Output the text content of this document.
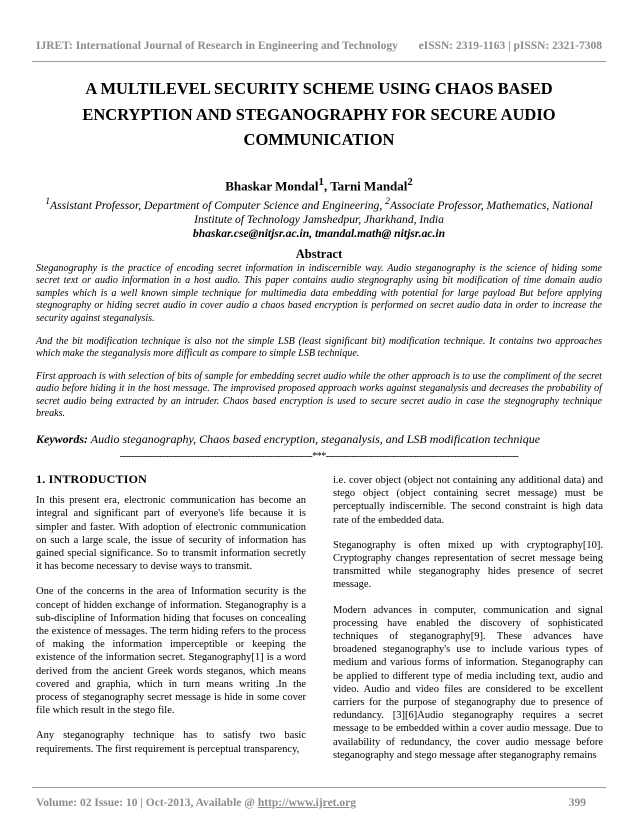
IJRET: International Journal of Research in Engineering and Technology eISSN: 2319-1163 | pISSN: 2321-7308
A MULTILEVEL SECURITY SCHEME USING CHAOS BASED
ENCRYPTION AND STEGANOGRAPHY FOR SECURE AUDIO
COMMUNICATION
Bhaskar Mondal$^1$, Tarni Mandal$^2$
$^1$Assistant Professor, Department of Computer Science and Engineering, $^2$Associate Professor, Mathematics, National
Institute of Technology Jamshedpur, Jharkhand, India
bhaskar.cse@nitjsr.ac.in, tmandal.math@ nitjsr.ac.in
Abstract

Steganography is the practice of encoding secret information in indiscernible way. Audio steganography is the science of hiding some secret text or audio information in a host audio. This paper contains audio stegnography using bit modification of time domain audio samples which is a well known simple technique for multimedia data embedding with potential for large payload But before applying stegnography or hiding secret audio in cover audio a chaos based encryption is performed on secret audio data in order to increase the security against steganalysis.

And the bit modification technique is also not the simple LSB (least significant bit) modification technique. It contains two approaches which make the steganalysis more difficult as compare to simple LSB technique.

First approach is with selection of bits of sample for embedding secret audio while the other approach is to use the compliment of the secret audio before hiding it in the host message. The improvised proposed approach works against steganalysis and decreases the probability of secret audio being extracted by an intruder. Chaos based encryption is used to secure secret audio in case the stegnography technique breaks.

Keywords: Audio steganography, Chaos based encryption, steganalysis, and LSB modification technique
--------------------------------------------------------------------***--------------------------------------------------------------------
1. INTRODUCTION

In this present era, electronic communication has become an integral and significant part of everyone's life because it is simpler and faster. With adoption of electronic communication on such a large scale, the issue of security of information has gained special significance. So to transmit information secretly it has become necessary to devise ways to transmit.

One of the concerns in the area of Information security is the concept of hidden exchange of information. Steganography is a sub-discipline of Information hiding that focuses on concealing the existence of messages. The term hiding refers to the process of making the information imperceptible or keeping the existence of the information secret. Steganography[1] is a word derived from the ancient Greek words steganos, which means covered and graphia, which in turn means writing .In the process of steganography secret message is hide in some cover file which result in the stego file.

Any steganography technique has to satisfy two basic requirements. The first requirement is perceptual transparency,

i.e. cover object (object not containing any additional data) and stego object (object containing secret message) must be perceptually indiscernible. The second constraint is high data rate of the embedded data.

Steganography is often mixed up with cryptography[10]. Cryptography changes representation of secret message being transmitted while steganography hides presence of secret message.

Modern advances in computer, communication and signal processing have enabled the discovery of sophisticated techniques of steganography[9]. These advances have broadened steganography's use to include various types of medium and various forms of information. Steganography can be applied to different type of media including text, audio and video. Audio and video files are considered to be excellent carriers for the purpose of steganography due to presence of redundancy. [3][6]Audio steganography requires a secret message to be embedded within a cover audio message. Due to availability of redundancy, the cover audio message before steganography and stego message after steganography remains

Volume: 02 Issue: 10 | Oct-2013, Available @ http://www.ijret.org	399
